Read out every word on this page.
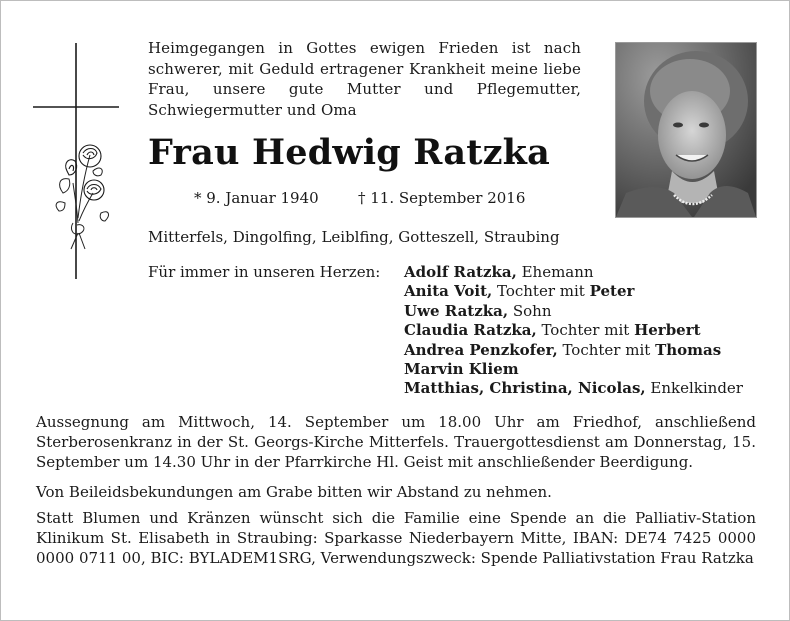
Heimgegangen in Gottes ewigen Frieden ist nach schwerer, mit Geduld ertragener Krankheit meine liebe Frau, unsere gute Mutter und Pflegemutter, Schwiegermutter und Oma

Frau Hedwig Ratzka
* 9. Januar 1940	† 11. September 2016
Mitterfels, Dingolfing, Leiblfing, Gotteszell, Straubing
Für immer in unseren Herzen: Adolf Ratzka, Ehemann
Anita Voit, Tochter mit Peter
Uwe Ratzka, Sohn
Claudia Ratzka, Tochter mit Herbert
Andrea Penzkofer, Tochter mit Thomas
Marvin Kliem
Matthias, Christina, Nicolas, Enkelkinder

Aussegnung am Mittwoch, 14. September um 18.00 Uhr am Friedhof, anschließend Sterberosenkranz in der St. Georgs-Kirche Mitterfels. Trauergottesdienst am Donnerstag, 15. September um 14.30 Uhr in der Pfarrkirche Hl. Geist mit anschließender Beerdigung.

Von Beileidsbekundungen am Grabe bitten wir Abstand zu nehmen.

Statt Blumen und Kränzen wünscht sich die Familie eine Spende an die Palliativ-Station Klinikum St. Elisabeth in Straubing: Sparkasse Niederbayern Mitte, IBAN: DE74 7425 0000 0000 0711 00, BIC: BYLADEM1SRG, Verwendungszweck: Spende Palliativstation Frau Ratzka
